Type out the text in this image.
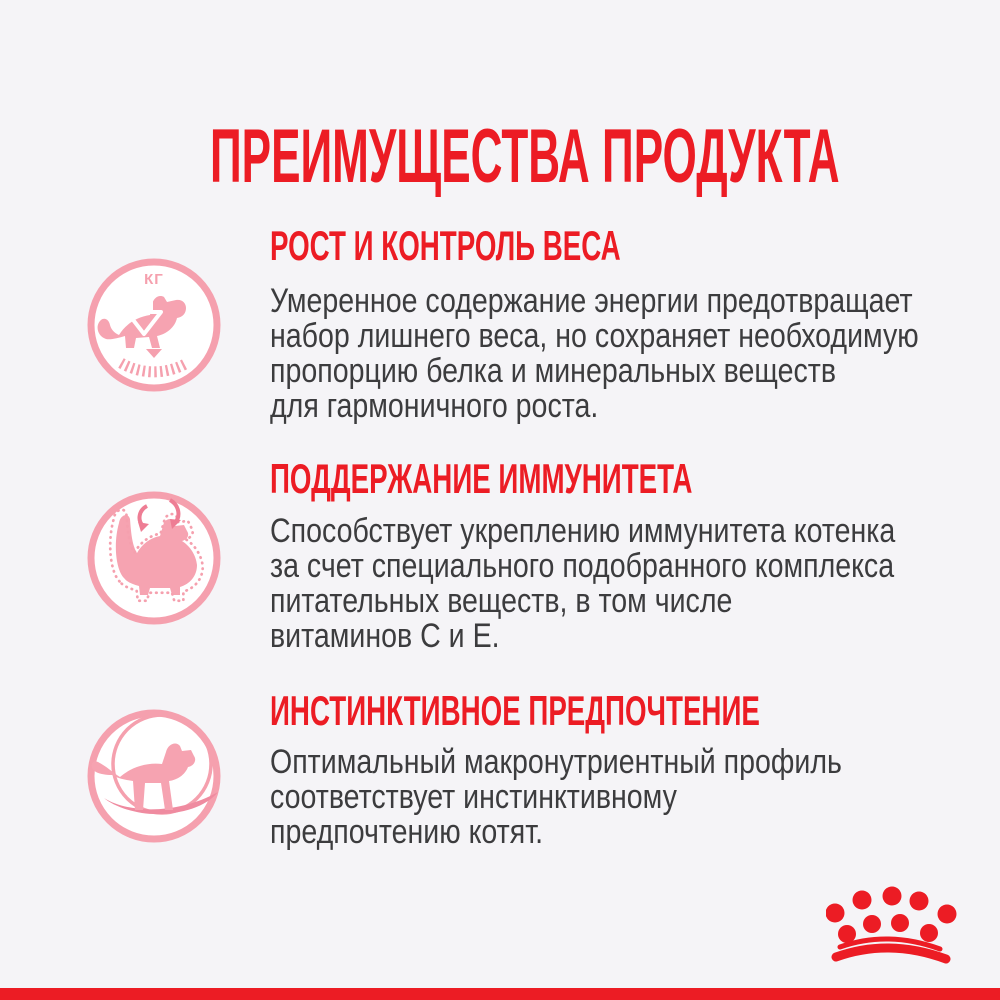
ПРЕИМУЩЕСТВА ПРОДУКТА
КГ
РОСТ И КОНТРОЛЬ ВЕСА
Умеренное содержание энергии предотвращает
набор лишнего веса, но сохраняет необходимую
пропорцию белка и минеральных веществ
для гармоничного роста.
ПОДДЕРЖАНИЕ ИММУНИТЕТА
Способствует укреплению иммунитета котенка
за счет специального подобранного комплекса
питательных веществ, в том числе
витаминов C и E.
ИНСТИНКТИВНОЕ ПРЕДПОЧТЕНИЕ
Оптимальный макронутриентный профиль
соответствует инстинктивному
предпочтению котят.
